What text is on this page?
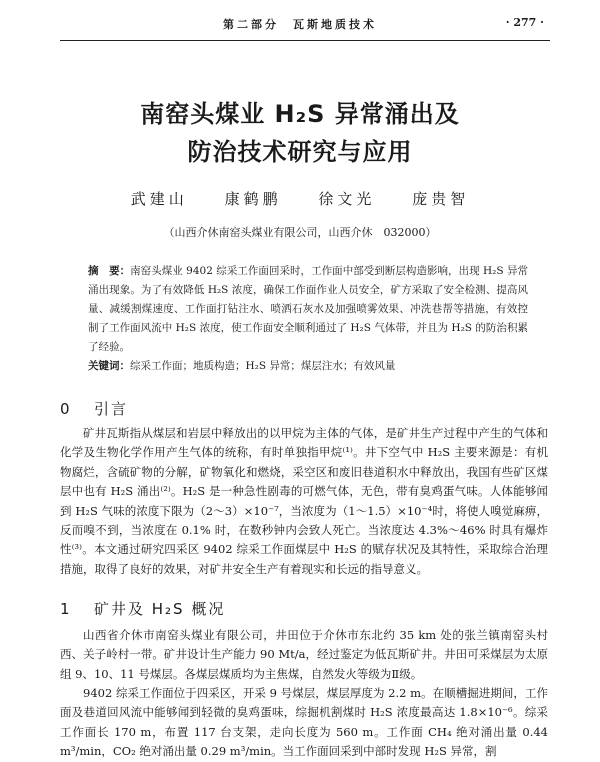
第二部分　瓦斯地质技术	· 277 ·
南窑头煤业 H₂S 异常涌出及
防治技术研究与应用
武建山 康鹤鹏 徐文光 庞贵智
（山西介休南窑头煤业有限公司，山西介休　032000）
摘　要：南窑头煤业 9402 综采工作面回采时，工作面中部受到断层构造影响，出现 H₂S 异常涌出现象。为了有效降低 H₂S 浓度，确保工作面作业人员安全，矿方采取了安全检测、提高风量、减缓割煤速度、工作面打钻注水、喷洒石灰水及加强喷雾效果、冲洗巷帮等措施，有效控制了工作面风流中 H₂S 浓度，使工作面安全顺利通过了 H₂S 气体带，并且为 H₂S 的防治积累了经验。
关键词：综采工作面；地质构造；H₂S 异常；煤层注水；有效风量
0 引言
矿井瓦斯指从煤层和岩层中释放出的以甲烷为主体的气体，是矿井生产过程中产生的气体和化学及生物化学作用产生气体的统称，有时单独指甲烷⁽¹⁾。井下空气中 H₂S 主要来源是：有机物腐烂，含硫矿物的分解，矿物氧化和燃烧，采空区和废旧巷道积水中释放出，我国有些矿区煤层中也有 H₂S 涌出⁽²⁾。H₂S 是一种急性剧毒的可燃气体，无色，带有臭鸡蛋气味。人体能够闻到 H₂S 气味的浓度下限为（2～3）×10⁻⁷，当浓度为（1～1.5）×10⁻⁴时，将使人嗅觉麻痹，反而嗅不到，当浓度在 0.1% 时，在数秒钟内会致人死亡。当浓度达 4.3%～46% 时具有爆炸性⁽³⁾。本文通过研究四采区 9402 综采工作面煤层中 H₂S 的赋存状况及其特性，采取综合治理措施，取得了良好的效果，对矿井安全生产有着现实和长远的指导意义。
1 矿井及 H₂S 概况
山西省介休市南窑头煤业有限公司，井田位于介休市东北约 35 km 处的张兰镇南窑头村西、关子岭村一带。矿井设计生产能力 90 Mt/a，经过鉴定为低瓦斯矿井。井田可采煤层为太原组 9、10、11 号煤层。各煤层煤质均为主焦煤，自然发火等级为Ⅱ级。
9402 综采工作面位于四采区，开采 9 号煤层，煤层厚度为 2.2 m。在顺槽掘进期间，工作面及巷道回风流中能够闻到轻微的臭鸡蛋味，综掘机割煤时 H₂S 浓度最高达 1.8×10⁻⁶。综采工作面长 170 m，布置 117 台支架，走向长度为 560 m。工作面 CH₄ 绝对涌出量 0.44 m³/min，CO₂ 绝对涌出量 0.29 m³/min。当工作面回采到中部时发现 H₂S 异常，割
